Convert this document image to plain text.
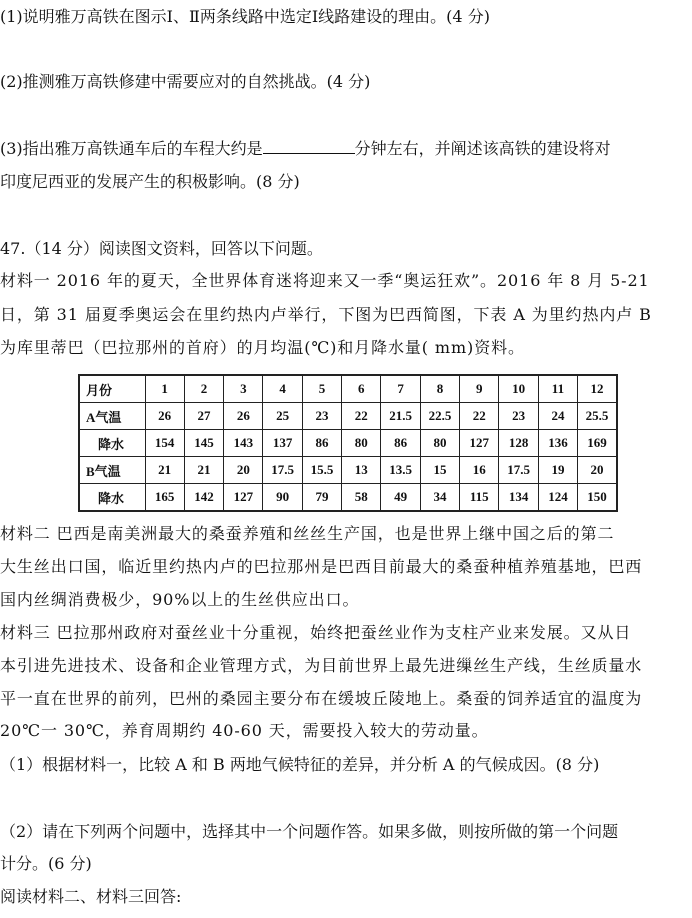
(1)说明雅万高铁在图示Ⅰ、Ⅱ两条线路中选定Ⅰ线路建设的理由。(4 分)
(2)推测雅万高铁修建中需要应对的自然挑战。(4 分)
(3)指出雅万高铁通车后的车程大约是	分钟左右，并阐述该高铁的建设将对
印度尼西亚的发展产生的积极影响。(8 分)
47.（14 分）阅读图文资料，回答以下问题。
材料一 2016 年的夏天，全世界体育迷将迎来又一季“奥运狂欢”。2016 年 8 月 5-21
日，第 31 届夏季奥运会在里约热内卢举行，下图为巴西简图，下表 A 为里约热内卢 B
为库里蒂巴（巴拉那州的首府）的月均温(℃)和月降水量( mm)资料。
月份	1	2	3	4	5	6	7	8	9	10	11	12
A气温	26	27	26	25	23	22	21.5	22.5	22	23	24	25.5
降水	154	145	143	137	86	80	86	80	127	128	136	169
B气温	21	21	20	17.5	15.5	13	13.5	15	16	17.5	19	20
降水	165	142	127	90	79	58	49	34	115	134	124	150
材料二 巴西是南美洲最大的桑蚕养殖和丝丝生产国，也是世界上继中国之后的第二
大生丝出口国，临近里约热内卢的巴拉那州是巴西目前最大的桑蚕种植养殖基地，巴西
国内丝绸消费极少，90%以上的生丝供应出口。
材料三 巴拉那州政府对蚕丝业十分重视，始终把蚕丝业作为支柱产业来发展。又从日
本引进先进技术、设备和企业管理方式，为目前世界上最先进缫丝生产线，生丝质量水
平一直在世界的前列，巴州的桑园主要分布在缓坡丘陵地上。桑蚕的饲养适宜的温度为
20℃一 30℃，养育周期约 40-60 天，需要投入较大的劳动量。
（1）根据材料一，比较 A 和 B 两地气候特征的差异，并分析 A 的气候成因。(8 分)
（2）请在下列两个问题中，选择其中一个问题作答。如果多做，则按所做的第一个问题
计分。(6 分)
阅读材料二、材料三回答:
